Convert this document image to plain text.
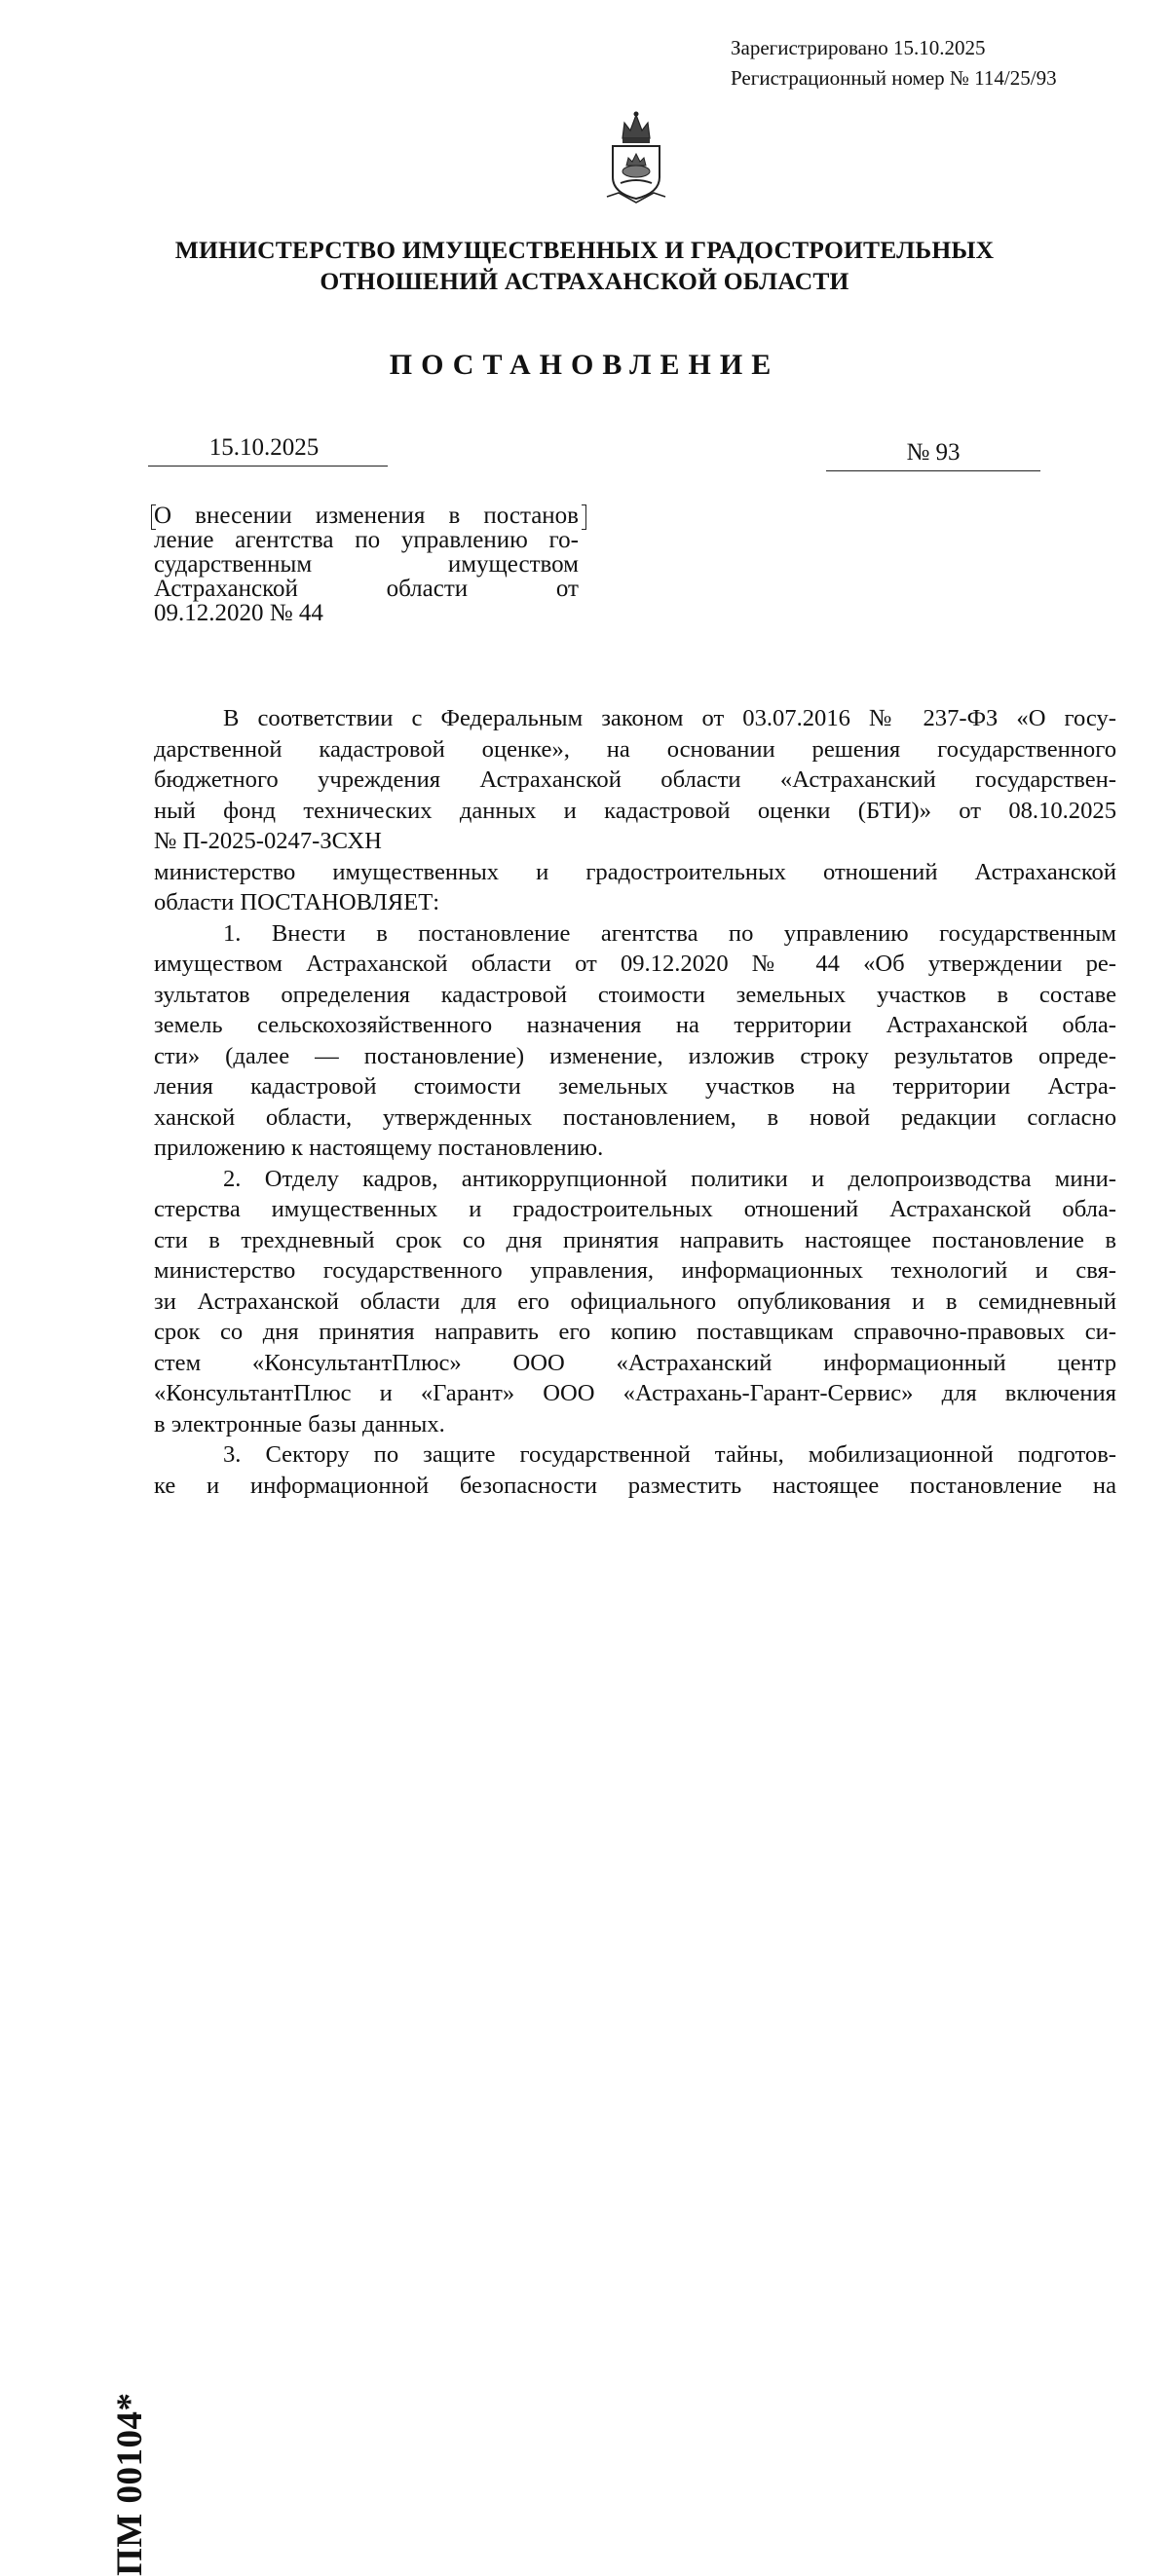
Зарегистрировано 15.10.2025
Регистрационный номер № 114/25/93
МИНИСТЕРСТВО ИМУЩЕСТВЕННЫХ И ГРАДОСТРОИТЕЛЬНЫХ
ОТНОШЕНИЙ АСТРАХАНСКОЙ ОБЛАСТИ
ПОСТАНОВЛЕНИЕ
15.10.2025	№ 93
О внесении изменения в постанов
ление агентства по управлению го-
сударственным имуществом
Астраханской области от
09.12.2020 № 44
В соответствии с Федеральным законом от 03.07.2016 № 237-ФЗ «О госу-
дарственной кадастровой оценке», на основании решения государственного
бюджетного учреждения Астраханской области «Астраханский государствен-
ный фонд технических данных и кадастровой оценки (БТИ)» от 08.10.2025
№ П-2025-0247-ЗСХН
министерство имущественных и градостроительных отношений Астраханской
области ПОСТАНОВЛЯЕТ:
1. Внести в постановление агентства по управлению государственным
имуществом Астраханской области от 09.12.2020 № 44 «Об утверждении ре-
зультатов определения кадастровой стоимости земельных участков в составе
земель сельскохозяйственного назначения на территории Астраханской обла-
сти» (далее — постановление) изменение, изложив строку результатов опреде-
ления кадастровой стоимости земельных участков на территории Астра-
ханской области, утвержденных постановлением, в новой редакции согласно
приложению к настоящему постановлению.
2. Отделу кадров, антикоррупционной политики и делопроизводства мини-
стерства имущественных и градостроительных отношений Астраханской обла-
сти в трехдневный срок со дня принятия направить настоящее постановление в
министерство государственного управления, информационных технологий и свя-
зи Астраханской области для его официального опубликования и в семидневный
срок со дня принятия направить его копию поставщикам справочно-правовых си-
стем «КонсультантПлюс» ООО «Астраханский информационный центр
«КонсультантПлюс и «Гарант» ООО «Астрахань-Гарант-Сервис» для включения
в электронные базы данных.
3. Сектору по защите государственной тайны, мобилизационной подготов-
ке и информационной безопасности разместить настоящее постановление на
ПМ 00104*
